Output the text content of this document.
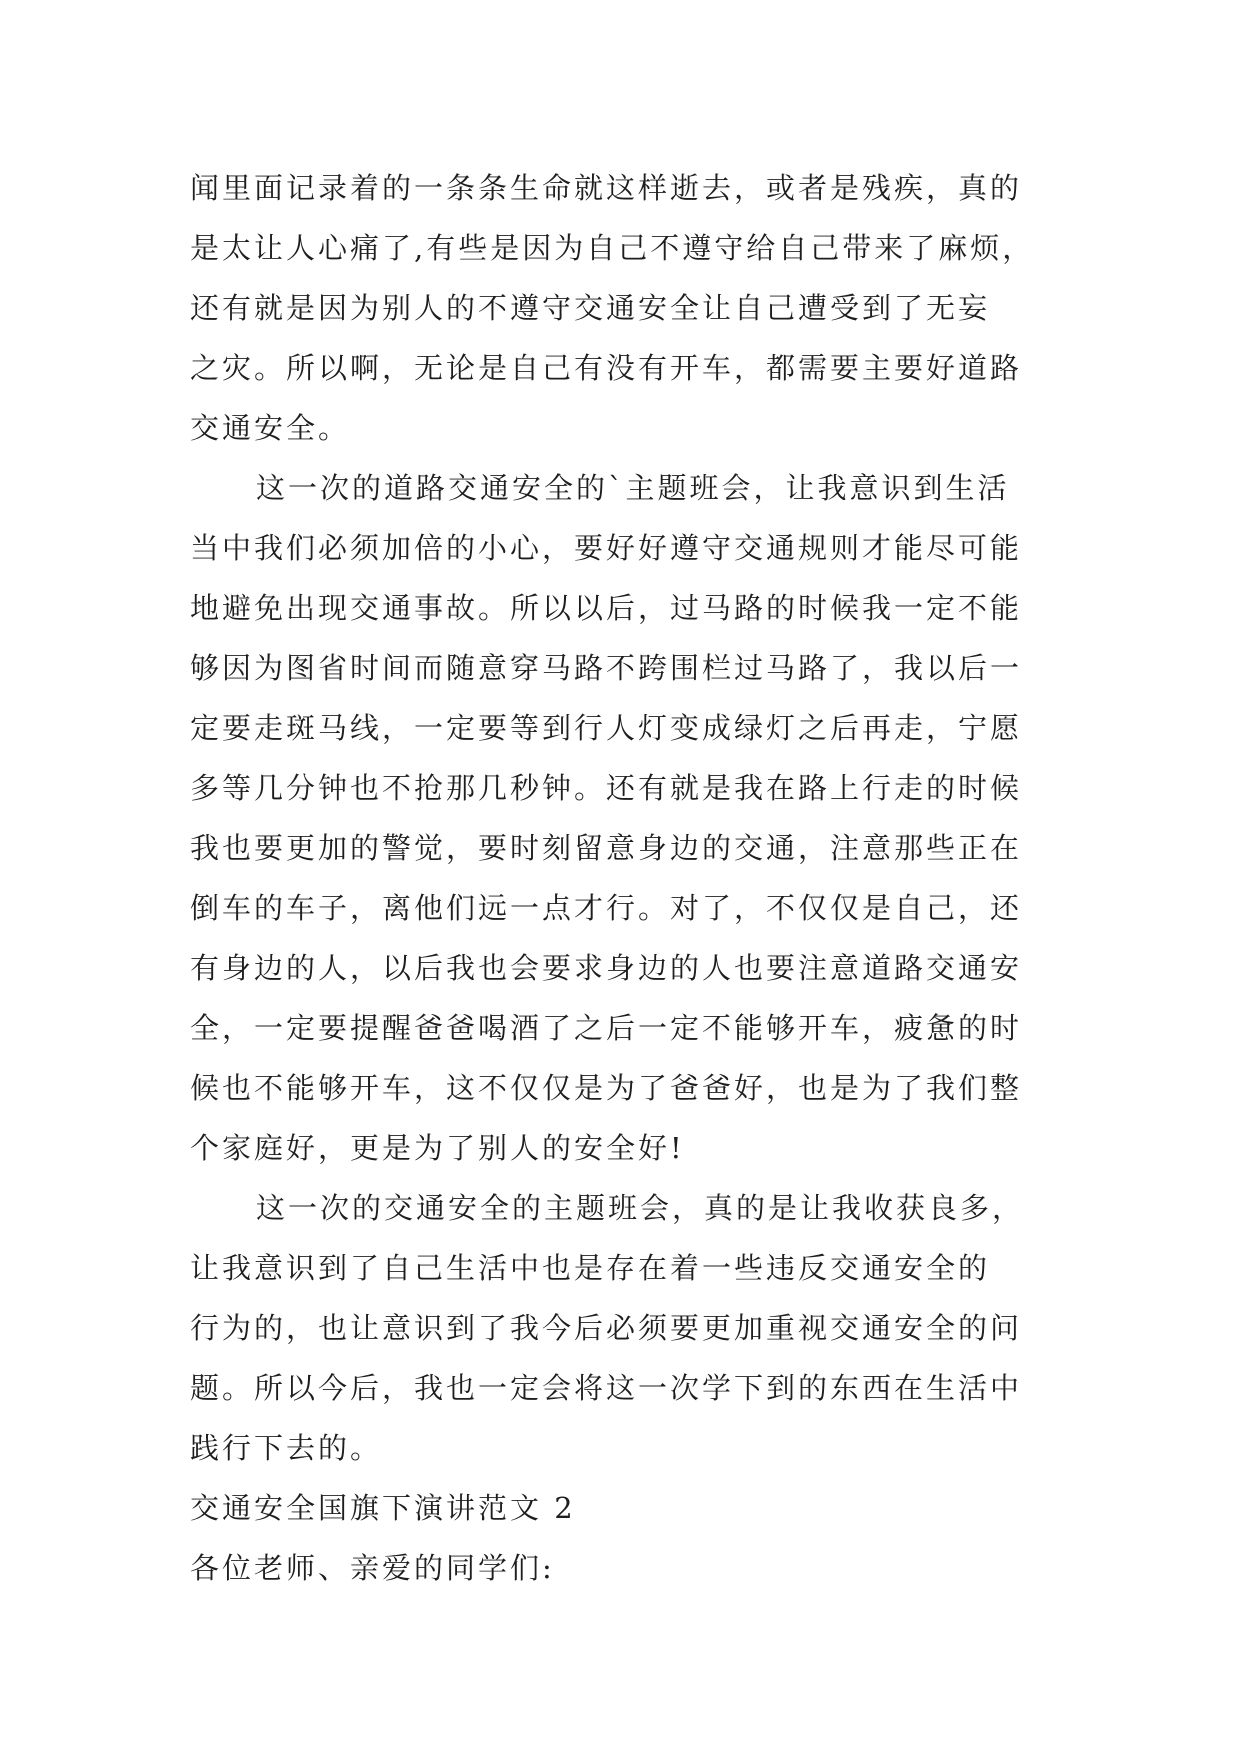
闻里面记录着的一条条生命就这样逝去，或者是残疾，真的
是太让人心痛了,有些是因为自己不遵守给自己带来了麻烦，
还有就是因为别人的不遵守交通安全让自己遭受到了无妄
之灾。所以啊，无论是自己有没有开车，都需要主要好道路
交通安全。
这一次的道路交通安全的`主题班会，让我意识到生活
当中我们必须加倍的小心，要好好遵守交通规则才能尽可能
地避免出现交通事故。所以以后，过马路的时候我一定不能
够因为图省时间而随意穿马路不跨围栏过马路了，我以后一
定要走斑马线，一定要等到行人灯变成绿灯之后再走，宁愿
多等几分钟也不抢那几秒钟。还有就是我在路上行走的时候
我也要更加的警觉，要时刻留意身边的交通，注意那些正在
倒车的车子，离他们远一点才行。对了，不仅仅是自己，还
有身边的人，以后我也会要求身边的人也要注意道路交通安
全，一定要提醒爸爸喝酒了之后一定不能够开车，疲惫的时
候也不能够开车，这不仅仅是为了爸爸好，也是为了我们整
个家庭好，更是为了别人的安全好!
这一次的交通安全的主题班会，真的是让我收获良多，
让我意识到了自己生活中也是存在着一些违反交通安全的
行为的，也让意识到了我今后必须要更加重视交通安全的问
题。所以今后，我也一定会将这一次学下到的东西在生活中
践行下去的。
交通安全国旗下演讲范文 2
各位老师、亲爱的同学们:
